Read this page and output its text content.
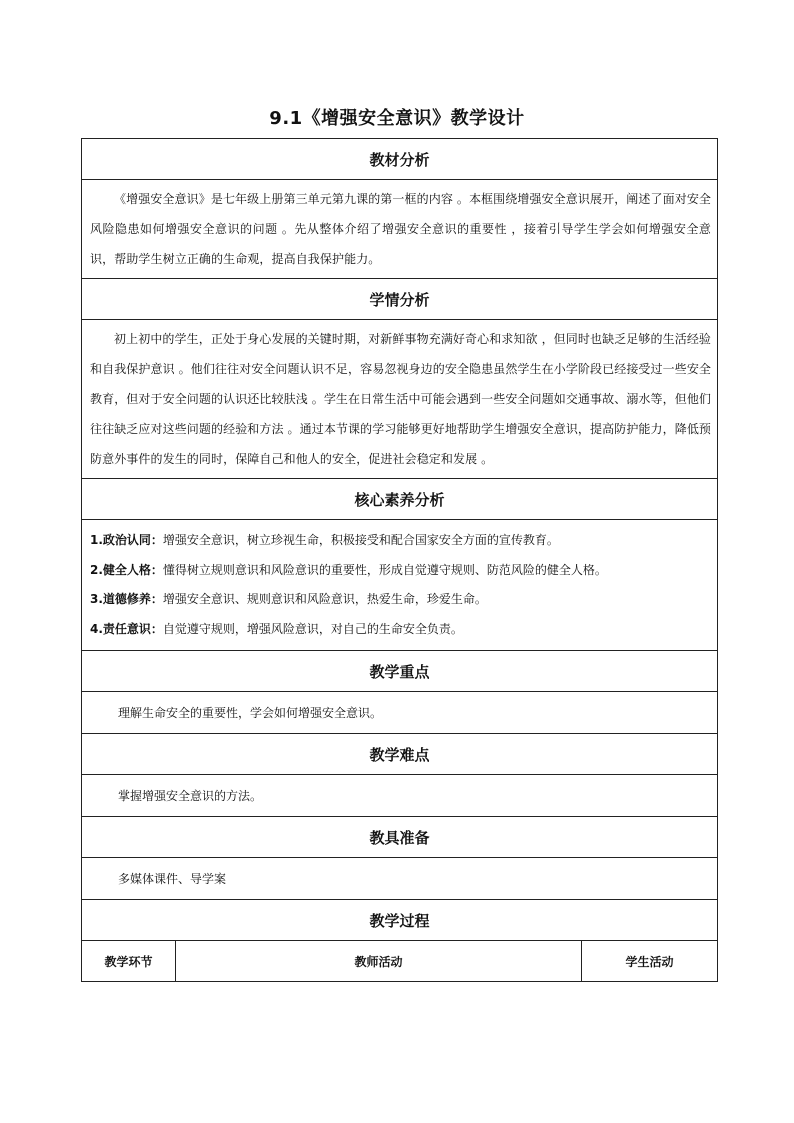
9.1《增强安全意识》教学设计
教材分析

《增强安全意识》是七年级上册第三单元第九课的第一框的内容 。本框围绕增强安全意识展开，阐述了面对安全风险隐患如何增强安全意识的问题 。先从整体介绍了增强安全意识的重要性 ，接着引导学生学会如何增强安全意识，帮助学生树立正确的生命观，提高自我保护能力。

学情分析

初上初中的学生，正处于身心发展的关键时期，对新鲜事物充满好奇心和求知欲 ，但同时也缺乏足够的生活经验和自我保护意识 。他们往往对安全问题认识不足，容易忽视身边的安全隐患虽然学生在小学阶段已经接受过一些安全教育，但对于安全问题的认识还比较肤浅 。学生在日常生活中可能会遇到一些安全问题如交通事故、溺水等，但他们往往缺乏应对这些问题的经验和方法 。通过本节课的学习能够更好地帮助学生增强安全意识，提高防护能力，降低预防意外事件的发生的同时，保障自己和他人的安全，促进社会稳定和发展 。

核心素养分析

1.政治认同：增强安全意识，树立珍视生命，积极接受和配合国家安全方面的宣传教育。

2.健全人格：懂得树立规则意识和风险意识的重要性，形成自觉遵守规则、防范风险的健全人格。

3.道德修养：增强安全意识、规则意识和风险意识，热爱生命，珍爱生命。

4.责任意识：自觉遵守规则，增强风险意识，对自己的生命安全负责。

教学重点
理解生命安全的重要性，学会如何增强安全意识。
教学难点
掌握增强安全意识的方法。
教具准备
多媒体课件、导学案
教学过程
教学环节	教师活动	学生活动
